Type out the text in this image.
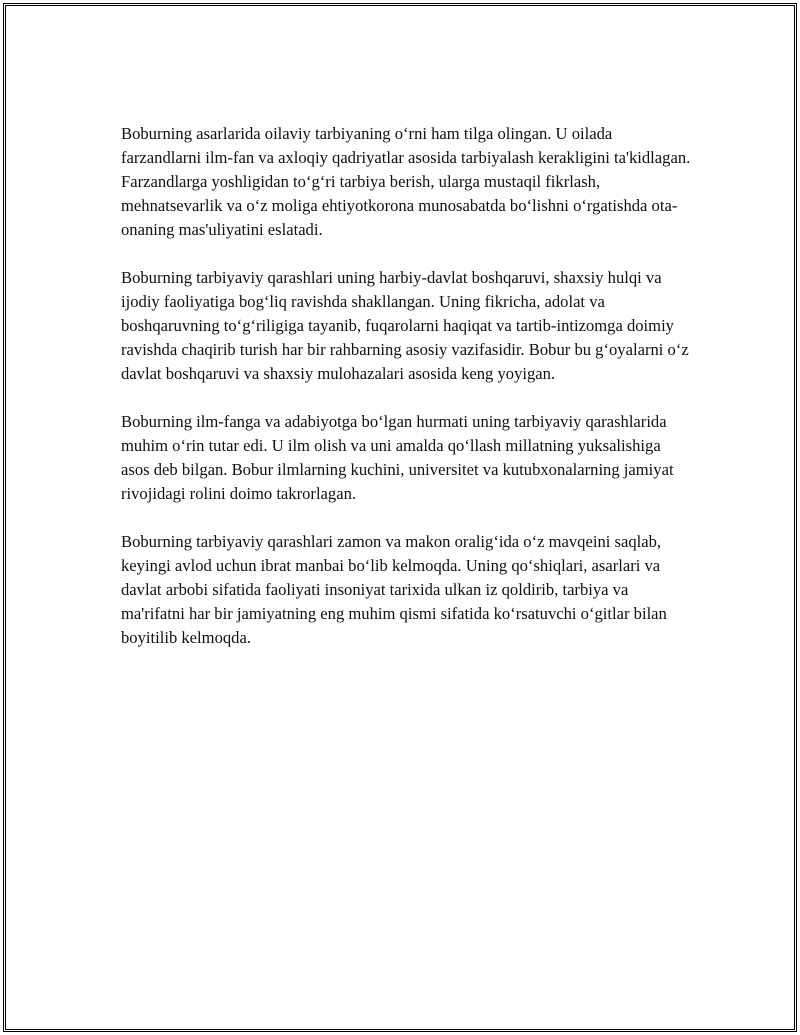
Boburning asarlarida oilaviy tarbiyaning o‘rni ham tilga olingan. U oilada farzandlarni ilm-fan va axloqiy qadriyatlar asosida tarbiyalash kerakligini ta'kidlagan. Farzandlarga yoshligidan to‘g‘ri tarbiya berish, ularga mustaqil fikrlash, mehnatsevarlik va o‘z moliga ehtiyotkorona munosabatda bo‘lishni o‘rgatishda ota-onaning mas'uliyatini eslatadi.

Boburning tarbiyaviy qarashlari uning harbiy-davlat boshqaruvi, shaxsiy hulqi va ijodiy faoliyatiga bog‘liq ravishda shakllangan. Uning fikricha, adolat va boshqaruvning to‘g‘riligiga tayanib, fuqarolarni haqiqat va tartib-intizomga doimiy ravishda chaqirib turish har bir rahbarning asosiy vazifasidir. Bobur bu g‘oyalarni o‘z davlat boshqaruvi va shaxsiy mulohazalari asosida keng yoyigan.

Boburning ilm-fanga va adabiyotga bo‘lgan hurmati uning tarbiyaviy qarashlarida muhim o‘rin tutar edi. U ilm olish va uni amalda qo‘llash millatning yuksalishiga asos deb bilgan. Bobur ilmlarning kuchini, universitet va kutubxonalarning jamiyat rivojidagi rolini doimo takrorlagan.

Boburning tarbiyaviy qarashlari zamon va makon oralig‘ida o‘z mavqeini saqlab, keyingi avlod uchun ibrat manbai bo‘lib kelmoqda. Uning qo‘shiqlari, asarlari va davlat arbobi sifatida faoliyati insoniyat tarixida ulkan iz qoldirib, tarbiya va ma'rifatni har bir jamiyatning eng muhim qismi sifatida ko‘rsatuvchi o‘gitlar bilan boyitilib kelmoqda.
